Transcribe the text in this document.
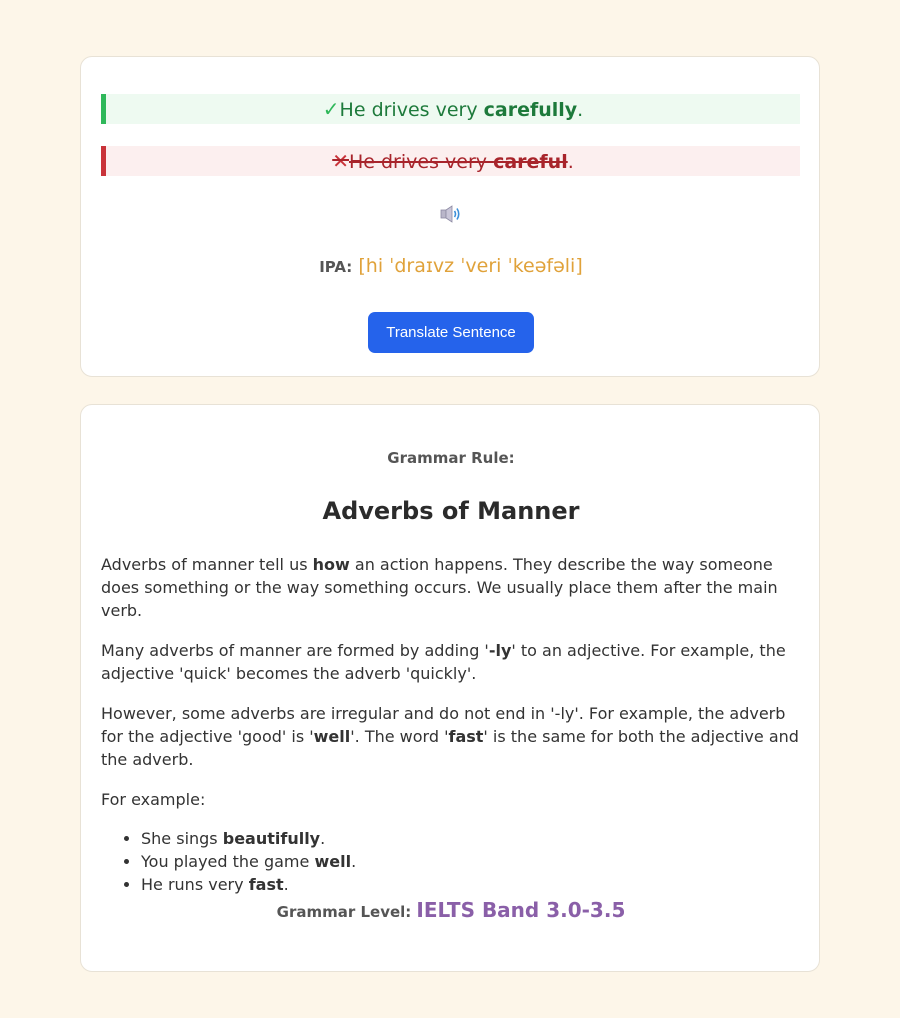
✓He drives very carefully.
✕He drives very careful.
IPA: [hi ˈdraɪvz ˈveri ˈkeəfəli]
Translate Sentence
Grammar Rule:
Adverbs of Manner

Adverbs of manner tell us how an action happens. They describe the way someone does something or the way something occurs. We usually place them after the main verb.

Many adverbs of manner are formed by adding '-ly' to an adjective. For example, the adjective 'quick' becomes the adverb 'quickly'.

However, some adverbs are irregular and do not end in '-ly'. For example, the adverb for the adjective 'good' is 'well'. The word 'fast' is the same for both the adjective and the adverb.

For example:

• She sings beautifully.
• You played the game well.
• He runs very fast.
Grammar Level: IELTS Band 3.0-3.5
